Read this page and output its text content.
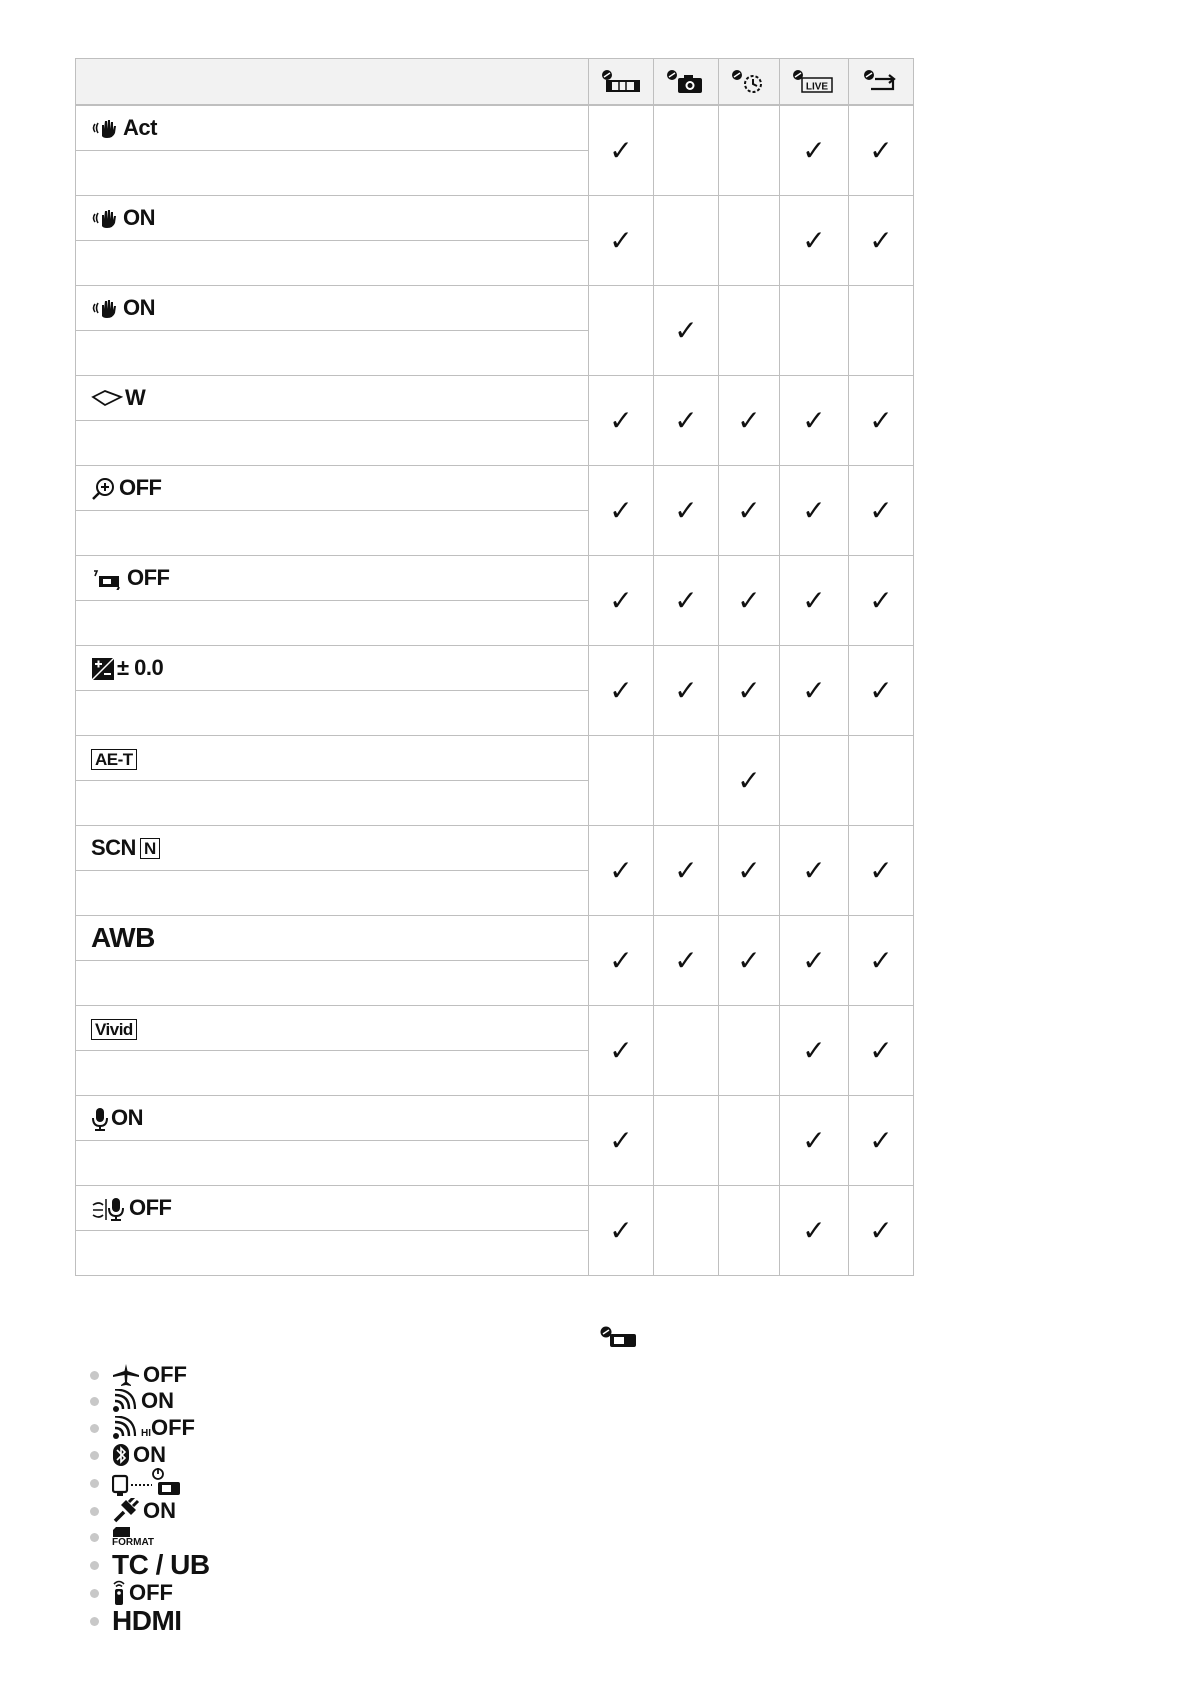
LIVE

Act	✓			✓	✓

ON	✓			✓	✓

ON		✓			

W	✓	✓	✓	✓	✓

OFF	✓	✓	✓	✓	✓

OFF	✓	✓	✓	✓	✓

± 0.0	✓	✓	✓	✓	✓

AE-T			✓		

SCN N	✓	✓	✓	✓	✓

AWB	✓	✓	✓	✓	✓

Vivid	✓			✓	✓

ON	✓			✓	✓

OFF	✓			✓	✓

OFF
ON
HI OFF
ON
ON
FORMAT
TC / UB
OFF
HDMI
